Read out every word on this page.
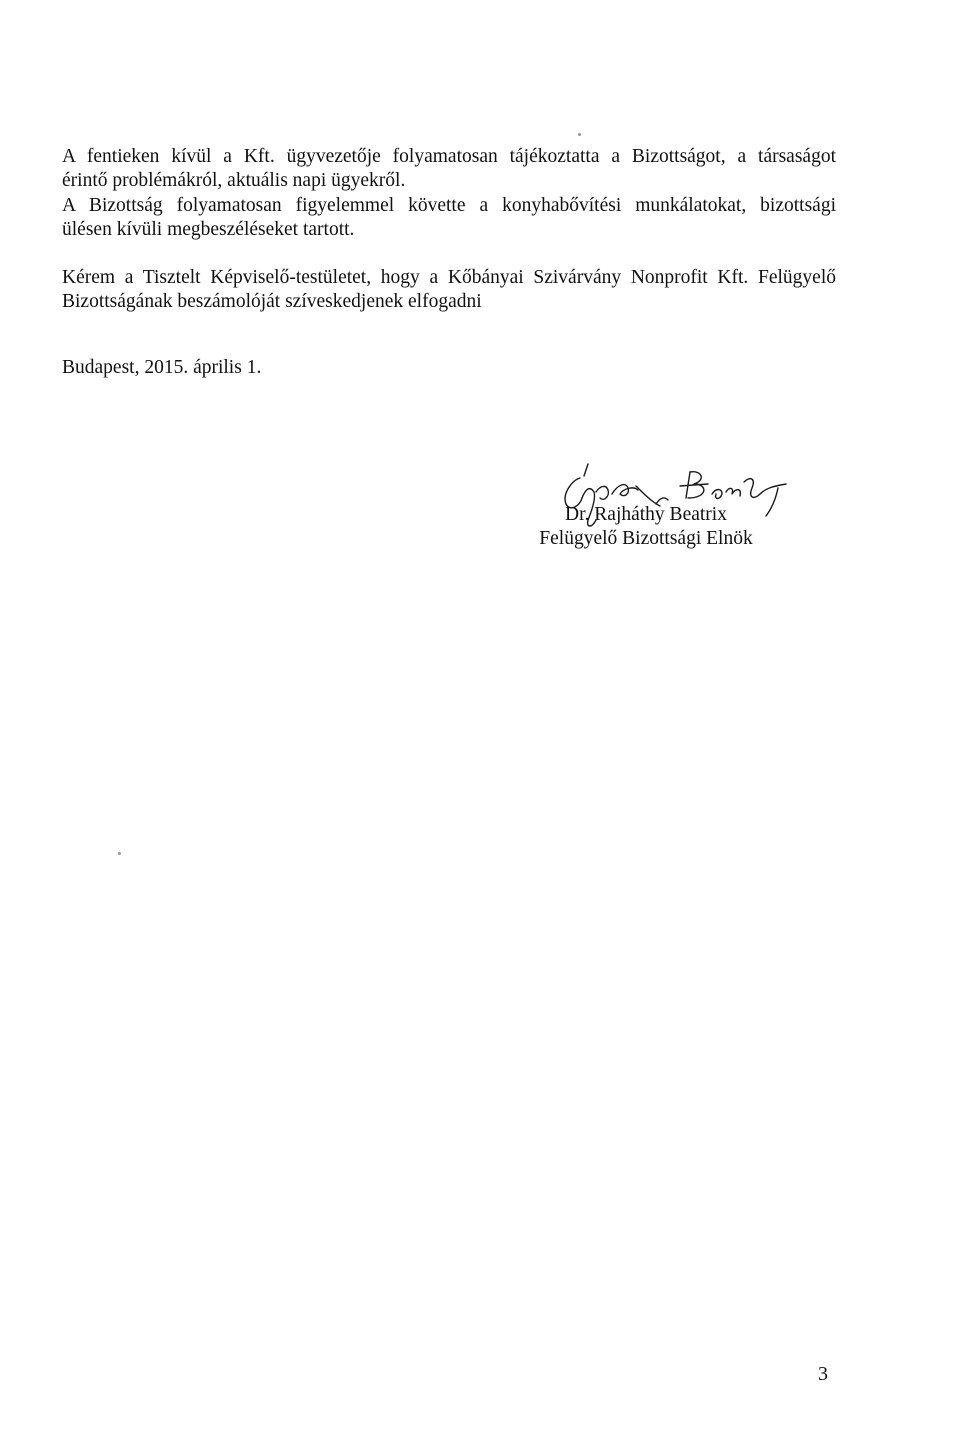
A fentieken kívül a Kft. ügyvezetője folyamatosan tájékoztatta a Bizottságot, a társaságot
érintő problémákról, aktuális napi ügyekről.
A Bizottság folyamatosan figyelemmel követte a konyhabővítési munkálatokat, bizottsági
ülésen kívüli megbeszéléseket tartott.
Kérem a Tisztelt Képviselő-testületet, hogy a Kőbányai Szivárvány Nonprofit Kft. Felügyelő
Bizottságának beszámolóját szíveskedjenek elfogadni
Budapest, 2015. április 1.
Dr. Rajháthy Beatrix
Felügyelő Bizottsági Elnök
3
